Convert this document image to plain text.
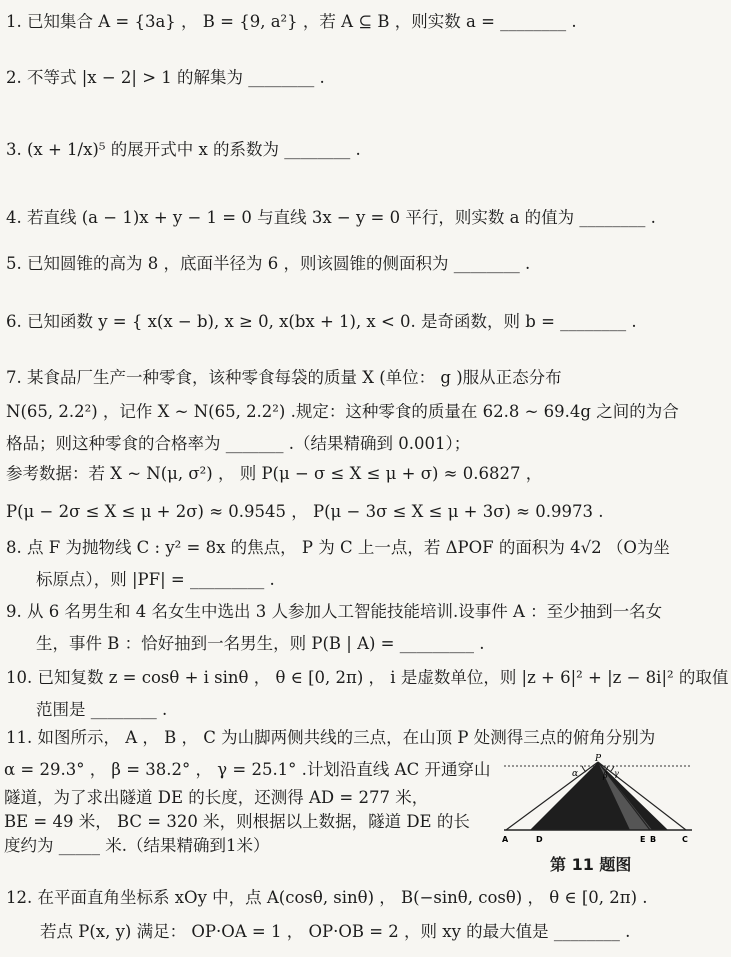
1. 已知集合 A = {3a} ， B = {9, a²} ，若 A ⊆ B ，则实数 a = ________ .
2. 不等式 |x − 2| > 1 的解集为 ________ .
3. (x + 1/x)⁵ 的展开式中 x 的系数为 ________ .
4. 若直线 (a − 1)x + y − 1 = 0 与直线 3x − y = 0 平行，则实数 a 的值为 ________ .
5. 已知圆锥的高为 8 ，底面半径为 6 ，则该圆锥的侧面积为 ________ .
6. 已知函数 y = { x(x − b), x ≥ 0, x(bx + 1), x < 0. 是奇函数，则 b = ________ .
7. 某食品厂生产一种零食，该种零食每袋的质量 X (单位： g )服从正态分布
N(65, 2.2²) ，记作 X ~ N(65, 2.2²) .规定：这种零食的质量在 62.8 ~ 69.4g 之间的为合
格品；则这种零食的合格率为 _______ .（结果精确到 0.001）；
参考数据：若 X ~ N(μ, σ²) ， 则 P(μ − σ ≤ X ≤ μ + σ) ≈ 0.6827 ，
P(μ − 2σ ≤ X ≤ μ + 2σ) ≈ 0.9545 ， P(μ − 3σ ≤ X ≤ μ + 3σ) ≈ 0.9973 .
8. 点 F 为抛物线 C : y² = 8x 的焦点， P 为 C 上一点，若 ΔPOF 的面积为 4√2 （O为坐
标原点），则 |PF| = _________ .
9. 从 6 名男生和 4 名女生中选出 3 人参加人工智能技能培训.设事件 A ：至少抽到一名女
生，事件 B ：恰好抽到一名男生，则 P(B | A) = _________ .
10. 已知复数 z = cosθ + i sinθ ， θ ∈ [0, 2π) ， i 是虚数单位，则 |z + 6|² + |z − 8i|² 的取值
范围是 ________ .
11. 如图所示， A ， B ， C 为山脚两侧共线的三点，在山顶 P 处测得三点的俯角分别为
α = 29.3° ， β = 38.2° ， γ = 25.1° .计划沿直线 AC 开通穿山
隧道，为了求出隧道 DE 的长度，还测得 AD = 277 米，
BE = 49 米， BC = 320 米，则根据以上数据，隧道 DE 的长
度约为 _____ 米.（结果精确到1米）
P
α	β γ
A	D	E B	C
第 11 题图
12. 在平面直角坐标系 xOy 中，点 A(cosθ, sinθ) ， B(−sinθ, cosθ) ， θ ∈ [0, 2π) .
若点 P(x, y) 满足： OP·OA = 1 ， OP·OB = 2 ，则 xy 的最大值是 ________ .
